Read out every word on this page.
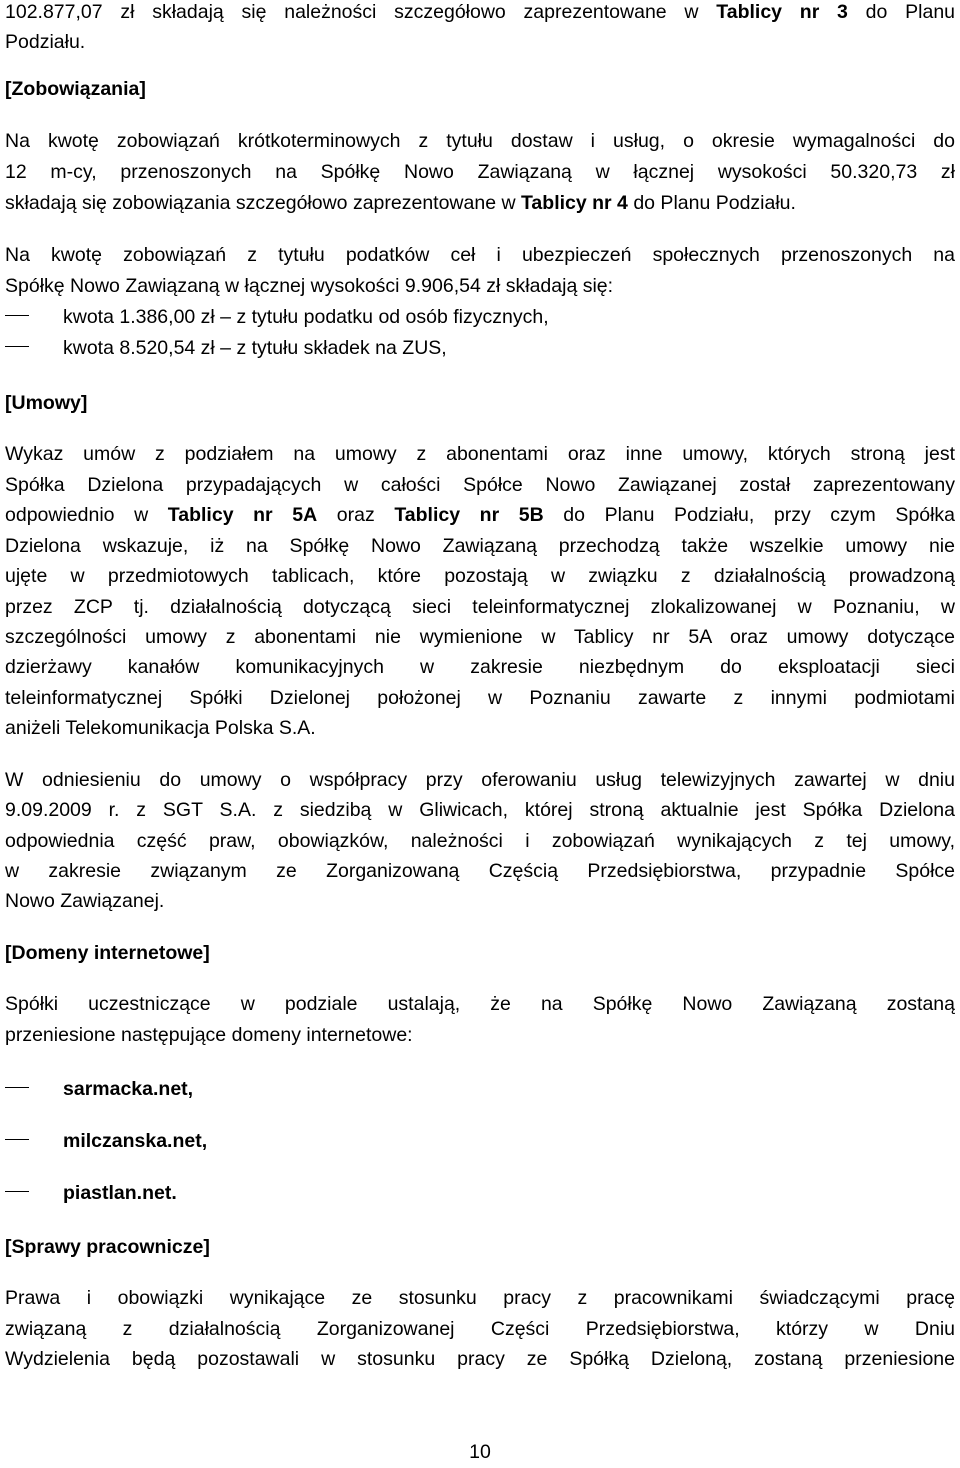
102.877,07 zł składają się należności szczegółowo zaprezentowane w Tablicy nr 3 do Planu
Podziału.
[Zobowiązania]
Na kwotę zobowiązań krótkoterminowych z tytułu dostaw i usług, o okresie wymagalności do
12 m-cy, przenoszonych na Spółkę Nowo Zawiązaną w łącznej wysokości 50.320,73 zł
składają się zobowiązania szczegółowo zaprezentowane w Tablicy nr 4 do Planu Podziału.
Na kwotę zobowiązań z tytułu podatków ceł i ubezpieczeń społecznych przenoszonych na
Spółkę Nowo Zawiązaną w łącznej wysokości 9.906,54 zł składają się:
kwota 1.386,00 zł – z tytułu podatku od osób fizycznych,
kwota 8.520,54 zł – z tytułu składek na ZUS,
[Umowy]
Wykaz umów z podziałem na umowy z abonentami oraz inne umowy, których stroną jest
Spółka Dzielona przypadających w całości Spółce Nowo Zawiązanej został zaprezentowany
odpowiednio w Tablicy nr 5A oraz Tablicy nr 5B do Planu Podziału, przy czym Spółka
Dzielona wskazuje, iż na Spółkę Nowo Zawiązaną przechodzą także wszelkie umowy nie
ujęte w przedmiotowych tablicach, które pozostają w związku z działalnością prowadzoną
przez ZCP tj. działalnością dotyczącą sieci teleinformatycznej zlokalizowanej w Poznaniu, w
szczególności umowy z abonentami nie wymienione w Tablicy nr 5A oraz umowy dotyczące
dzierżawy kanałów komunikacyjnych w zakresie niezbędnym do eksploatacji sieci
teleinformatycznej Spółki Dzielonej położonej w Poznaniu zawarte z innymi podmiotami
aniżeli Telekomunikacja Polska S.A.
W odniesieniu do umowy o współpracy przy oferowaniu usług telewizyjnych zawartej w dniu
9.09.2009 r. z SGT S.A. z siedzibą w Gliwicach, której stroną aktualnie jest Spółka Dzielona
odpowiednia część praw, obowiązków, należności i zobowiązań wynikających z tej umowy,
w zakresie związanym ze Zorganizowaną Częścią Przedsiębiorstwa, przypadnie Spółce
Nowo Zawiązanej.
[Domeny internetowe]
Spółki uczestniczące w podziale ustalają, że na Spółkę Nowo Zawiązaną zostaną
przeniesione następujące domeny internetowe:
sarmacka.net,
milczanska.net,
piastlan.net.
[Sprawy pracownicze]
Prawa i obowiązki wynikające ze stosunku pracy z pracownikami świadczącymi pracę
związaną z działalnością Zorganizowanej Części Przedsiębiorstwa, którzy w Dniu
Wydzielenia będą pozostawali w stosunku pracy ze Spółką Dzieloną, zostaną przeniesione
10
